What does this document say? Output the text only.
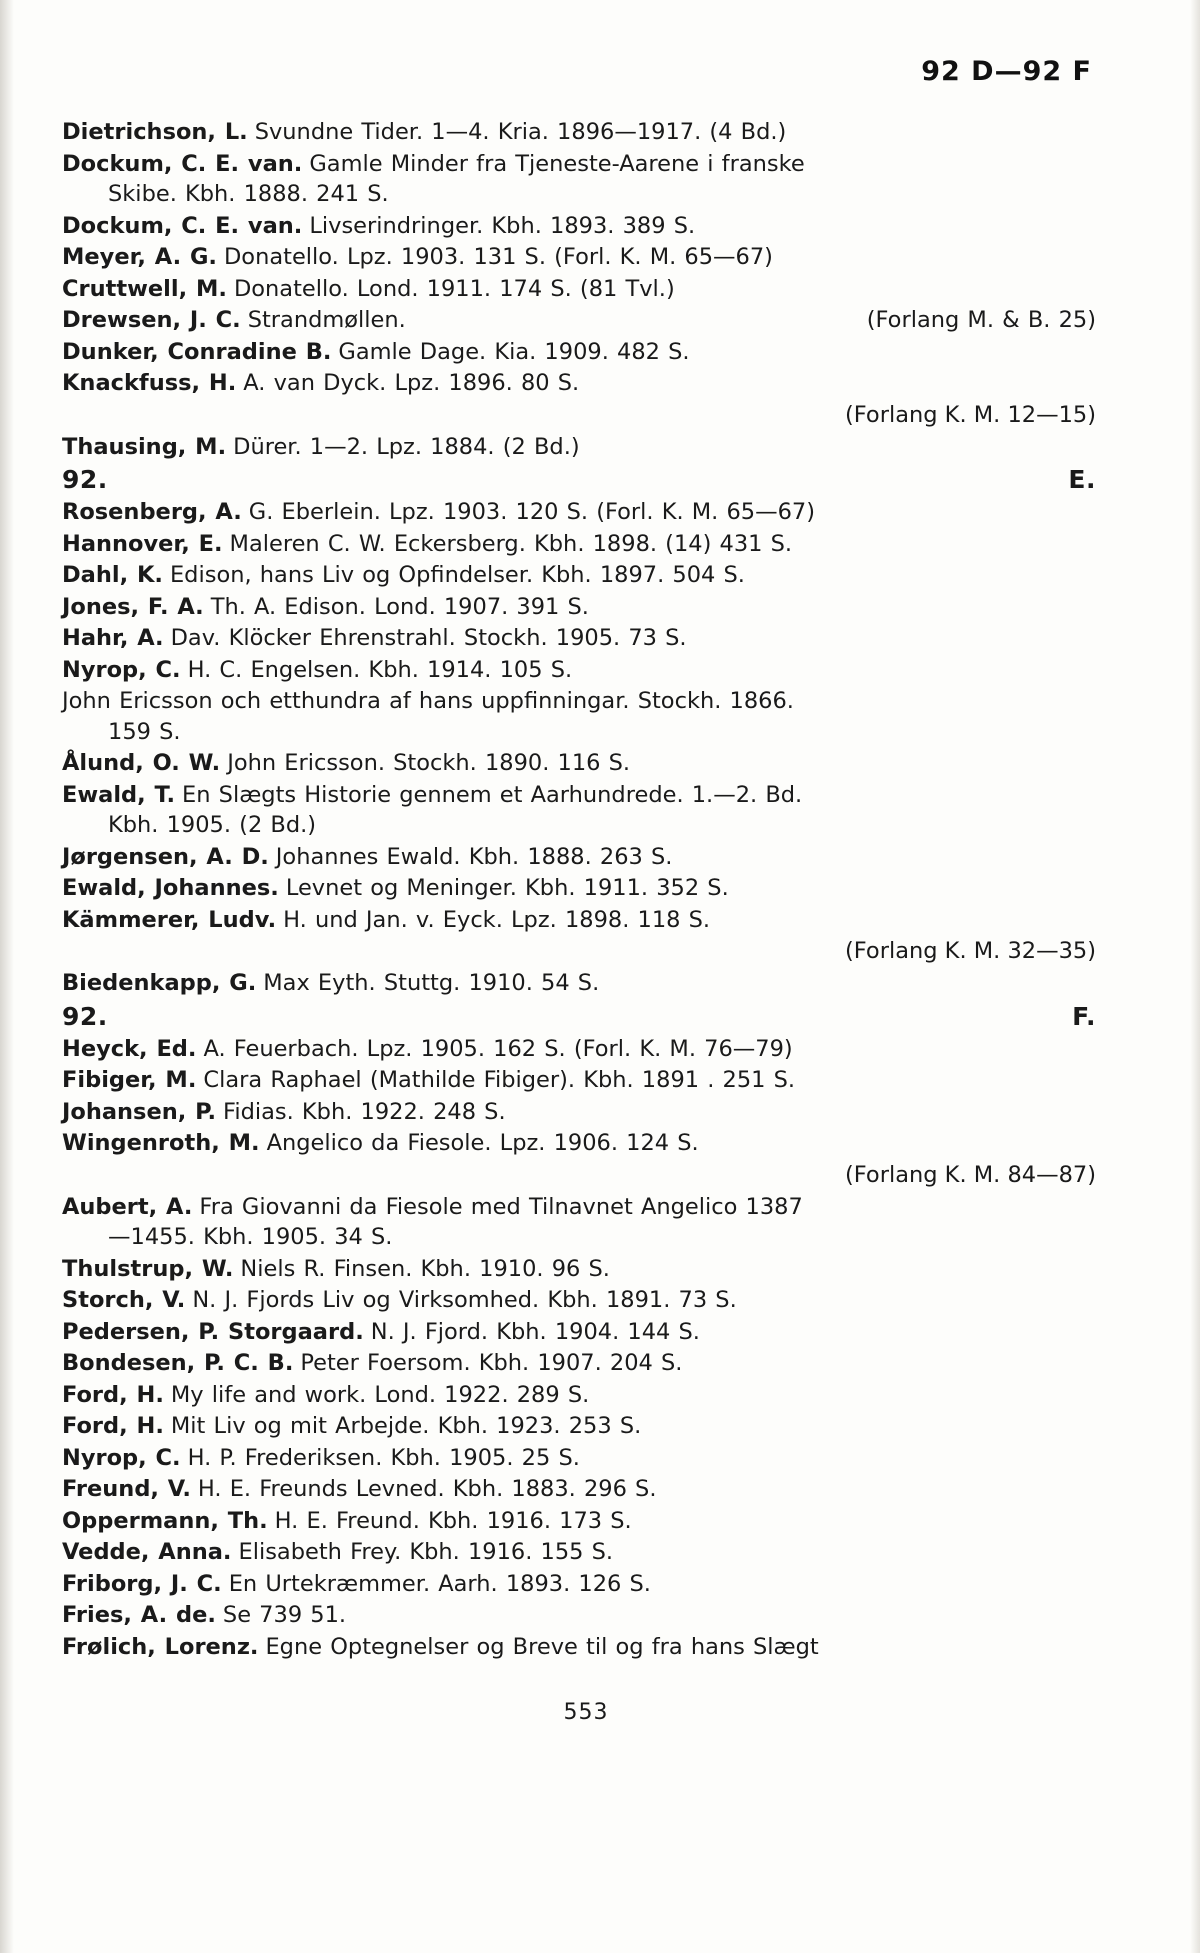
92 D—92 F
Dietrichson, L. Svundne Tider. 1—4. Kria. 1896—1917. (4 Bd.)
Dockum, C. E. van. Gamle Minder fra Tjeneste-Aarene i franske
Skibe. Kbh. 1888. 241 S.
Dockum, C. E. van. Livserindringer. Kbh. 1893. 389 S.
Meyer, A. G. Donatello. Lpz. 1903. 131 S. (Forl. K. M. 65—67)
Cruttwell, M. Donatello. Lond. 1911. 174 S. (81 Tvl.)
Drewsen, J. C. Strandmøllen.	(Forlang M. & B. 25)
Dunker, Conradine B. Gamle Dage. Kia. 1909. 482 S.
Knackfuss, H. A. van Dyck. Lpz. 1896. 80 S.
(Forlang K. M. 12—15)
Thausing, M. Dürer. 1—2. Lpz. 1884. (2 Bd.)
92.	E.
Rosenberg, A. G. Eberlein. Lpz. 1903. 120 S. (Forl. K. M. 65—67)
Hannover, E. Maleren C. W. Eckersberg. Kbh. 1898. (14) 431 S.
Dahl, K. Edison, hans Liv og Opfindelser. Kbh. 1897. 504 S.
Jones, F. A. Th. A. Edison. Lond. 1907. 391 S.
Hahr, A. Dav. Klöcker Ehrenstrahl. Stockh. 1905. 73 S.
Nyrop, C. H. C. Engelsen. Kbh. 1914. 105 S.
John Ericsson och etthundra af hans uppfinningar. Stockh. 1866.
159 S.
Ålund, O. W. John Ericsson. Stockh. 1890. 116 S.
Ewald, T. En Slægts Historie gennem et Aarhundrede. 1.—2. Bd.
Kbh. 1905. (2 Bd.)
Jørgensen, A. D. Johannes Ewald. Kbh. 1888. 263 S.
Ewald, Johannes. Levnet og Meninger. Kbh. 1911. 352 S.
Kämmerer, Ludv. H. und Jan. v. Eyck. Lpz. 1898. 118 S.
(Forlang K. M. 32—35)
Biedenkapp, G. Max Eyth. Stuttg. 1910. 54 S.
92.	F.
Heyck, Ed. A. Feuerbach. Lpz. 1905. 162 S. (Forl. K. M. 76—79)
Fibiger, M. Clara Raphael (Mathilde Fibiger). Kbh. 1891 . 251 S.
Johansen, P. Fidias. Kbh. 1922. 248 S.
Wingenroth, M. Angelico da Fiesole. Lpz. 1906. 124 S.
(Forlang K. M. 84—87)
Aubert, A. Fra Giovanni da Fiesole med Tilnavnet Angelico 1387
—1455. Kbh. 1905. 34 S.
Thulstrup, W. Niels R. Finsen. Kbh. 1910. 96 S.
Storch, V. N. J. Fjords Liv og Virksomhed. Kbh. 1891. 73 S.
Pedersen, P. Storgaard. N. J. Fjord. Kbh. 1904. 144 S.
Bondesen, P. C. B. Peter Foersom. Kbh. 1907. 204 S.
Ford, H. My life and work. Lond. 1922. 289 S.
Ford, H. Mit Liv og mit Arbejde. Kbh. 1923. 253 S.
Nyrop, C. H. P. Frederiksen. Kbh. 1905. 25 S.
Freund, V. H. E. Freunds Levned. Kbh. 1883. 296 S.
Oppermann, Th. H. E. Freund. Kbh. 1916. 173 S.
Vedde, Anna. Elisabeth Frey. Kbh. 1916. 155 S.
Friborg, J. C. En Urtekræmmer. Aarh. 1893. 126 S.
Fries, A. de. Se 739 51.
Frølich, Lorenz. Egne Optegnelser og Breve til og fra hans Slægt
553
